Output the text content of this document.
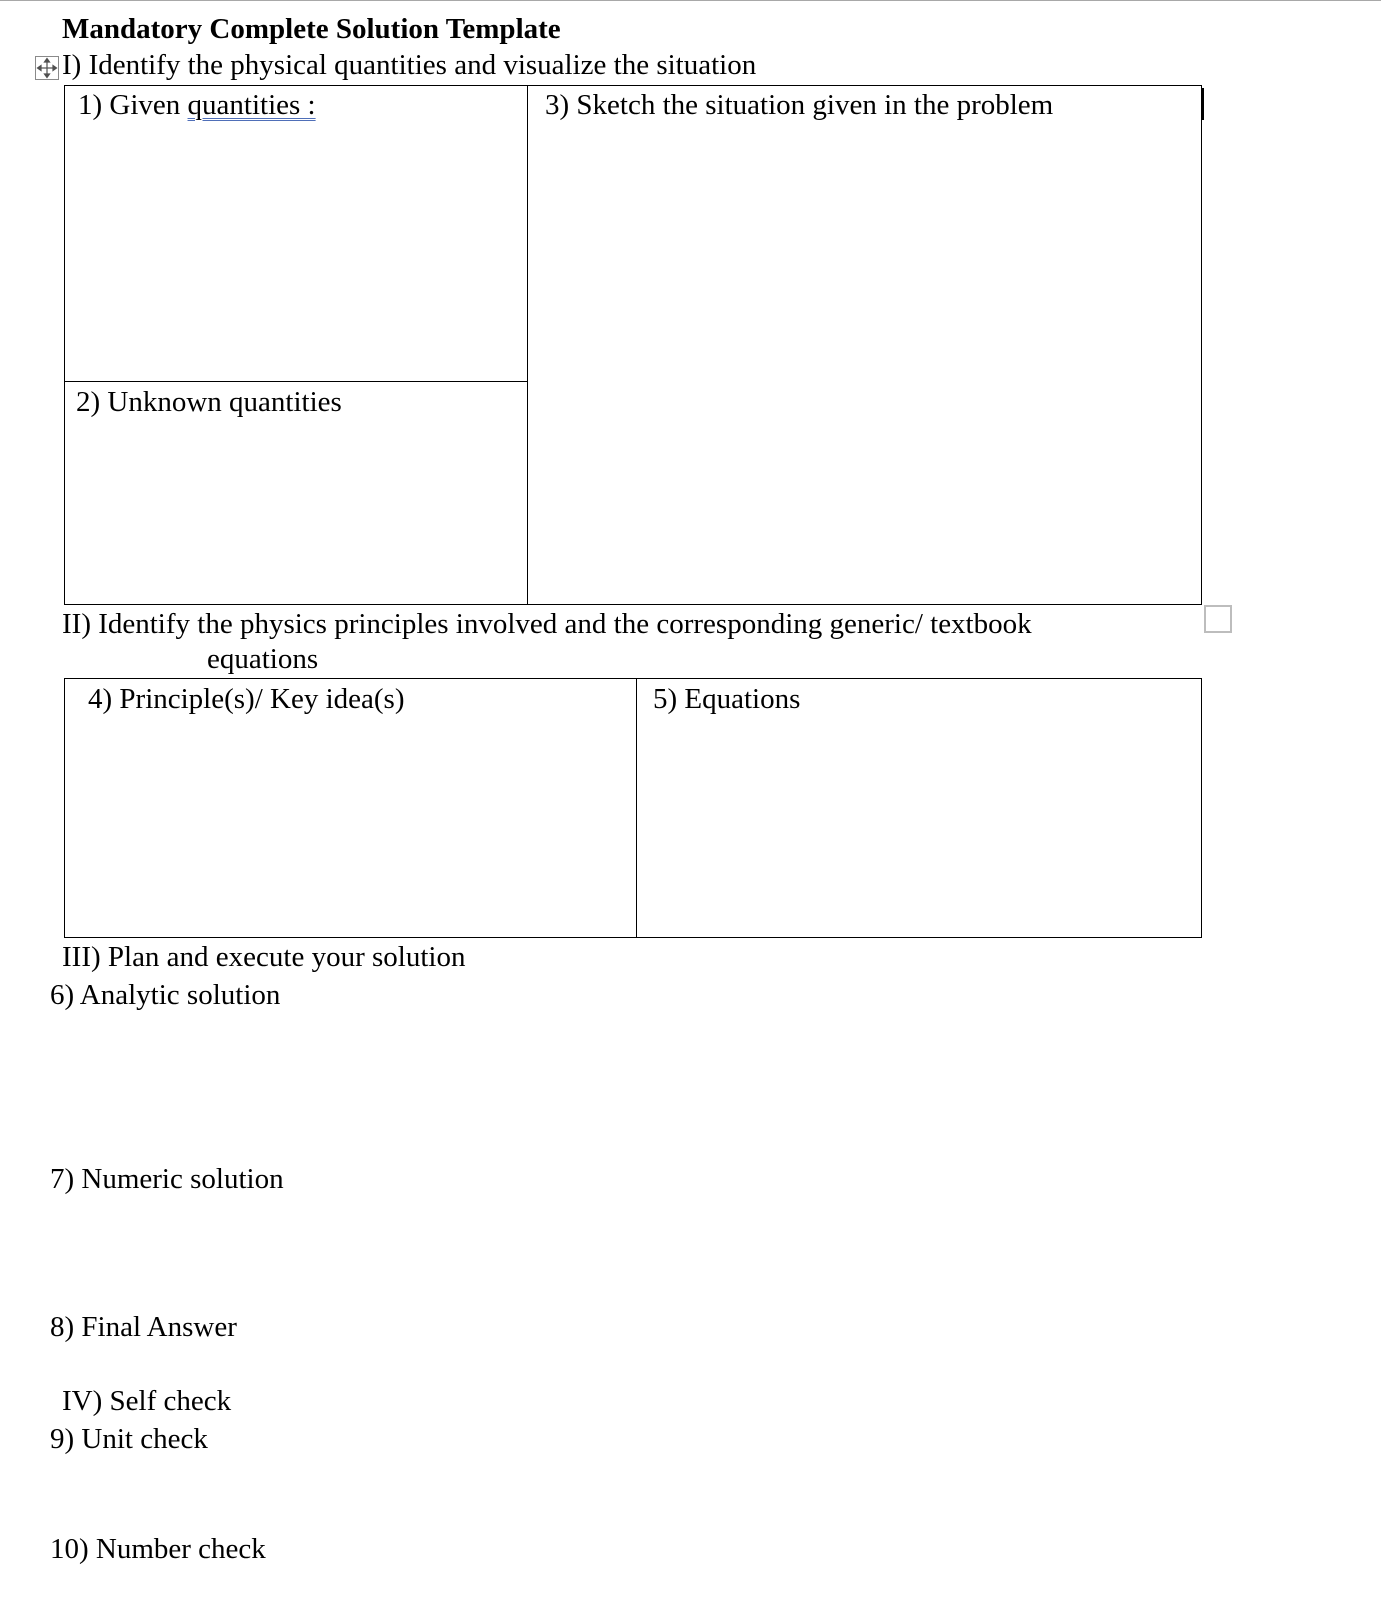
Mandatory Complete Solution Template
I) Identify the physical quantities and visualize the situation
1) Given quantities :
2) Unknown quantities
3) Sketch the situation given in the problem
II) Identify the physics principles involved and the corresponding generic/ textbook
equations
4) Principle(s)/ Key idea(s)	5) Equations
III) Plan and execute your solution
6) Analytic solution
7) Numeric solution
8) Final Answer
IV) Self check
9) Unit check
10) Number check
